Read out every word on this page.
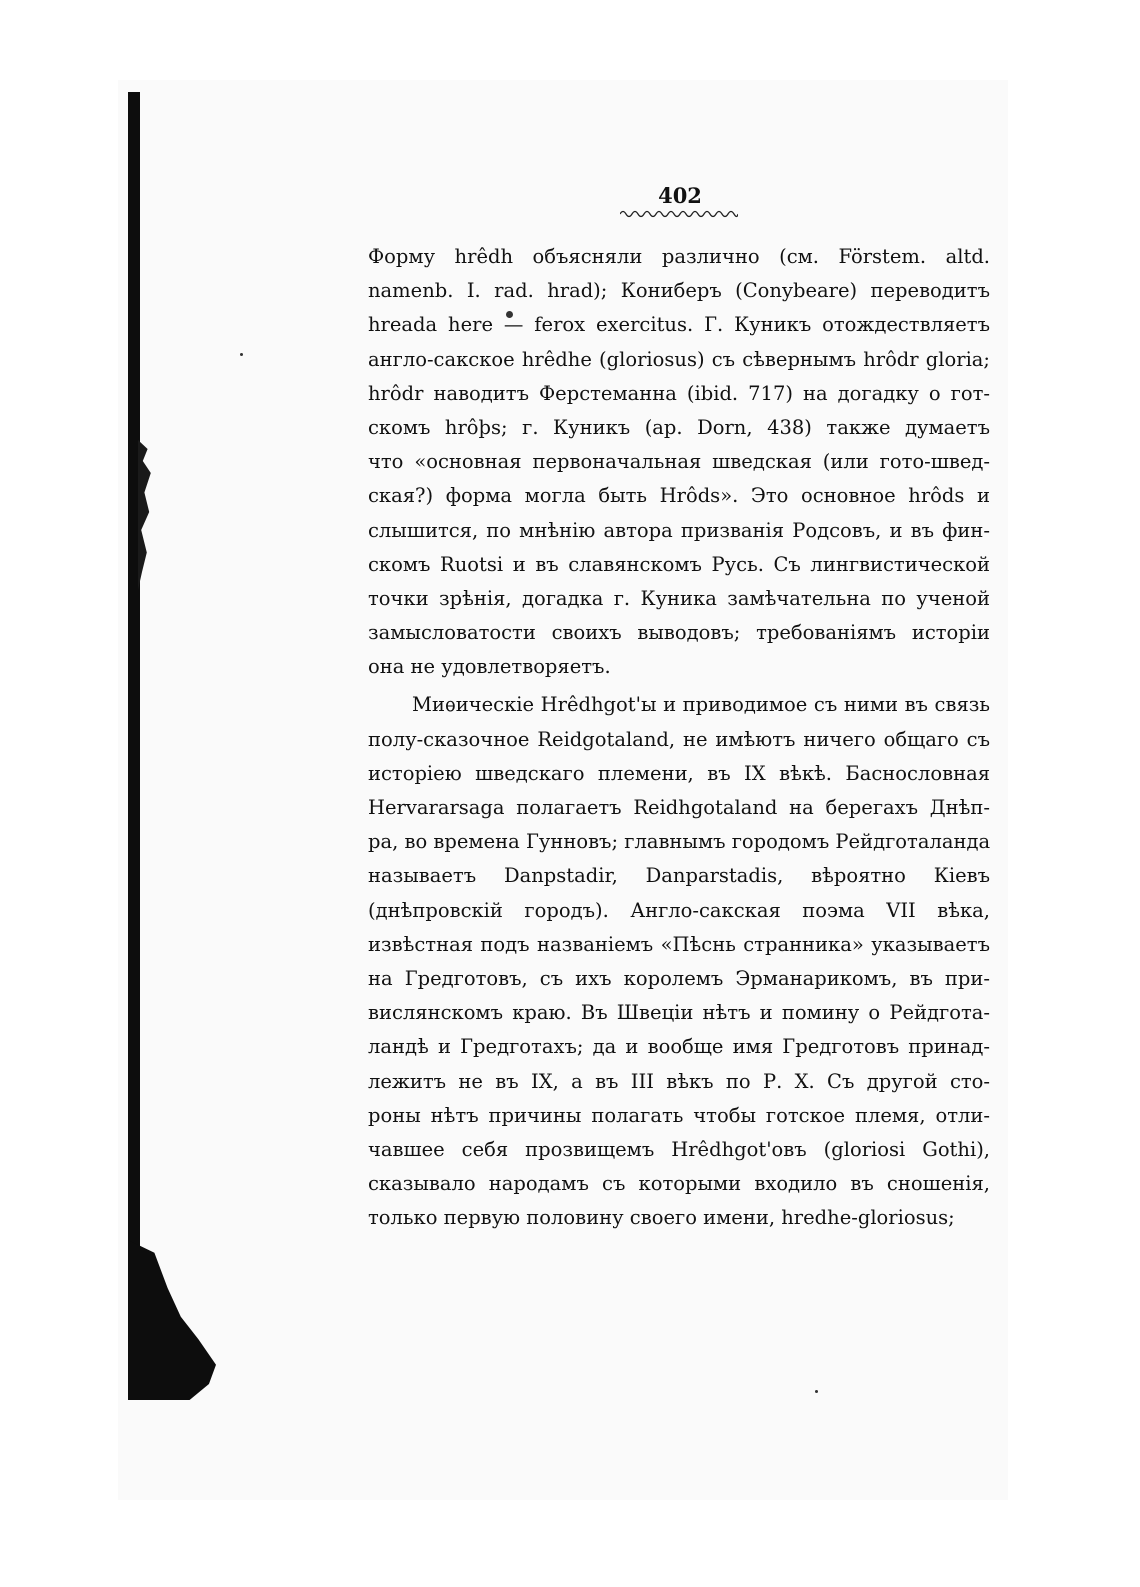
402
Форму hrêdh объясняли различно (см. Förstem. altd.
namenb. I. rad. hrad); Кониберъ (Conybeare) переводитъ
hreada here — ferox exercitus. Г. Куникъ отождествляетъ
англо-сакское hrêdhe (gloriosus) съ сѣвернымъ hrôdr gloria;
hrôdr наводитъ Ферстеманна (ibid. 717) на догадку о гот-
скомъ hrôþs; г. Куникъ (ap. Dorn, 438) также думаетъ
что «основная первоначальная шведская (или гото-швед-
ская?) форма могла быть Hrôds». Это основное hrôds и
слышится, по мнѣнію автора призванія Родсовъ, и въ фин-
скомъ Ruotsi и въ славянскомъ Русь. Съ лингвистической
точки зрѣнія, догадка г. Куника замѣчательна по ученой
замысловатости своихъ выводовъ; требованіямъ исторіи
она не удовлетворяетъ.
Миѳическіе Hrêdhgot'ы и приводимое съ ними въ связь
полу-сказочное Reidgotaland, не имѣютъ ничего общаго съ
исторіею шведскаго племени, въ IX вѣкѣ. Баснословная
Hervararsaga полагаетъ Reidhgotaland на берегахъ Днѣп-
ра, во времена Гунновъ; главнымъ городомъ Рейдготаланда
называетъ Danpstadir, Danparstadis, вѣроятно Кіевъ
(днѣпровскій городъ). Англо-сакская поэма VII вѣка,
извѣстная подъ названіемъ «Пѣснь странника» указываетъ
на Гредготовъ, съ ихъ королемъ Эрманарикомъ, въ при-
вислянскомъ краю. Въ Швеціи нѣтъ и помину о Рейдгота-
ландѣ и Гредготахъ; да и вообще имя Гредготовъ принад-
лежитъ не въ IX, а въ III вѣкъ по Р. Х. Съ другой сто-
роны нѣтъ причины полагать чтобы готское племя, отли-
чавшее себя прозвищемъ Hrêdhgot'овъ (gloriosi Gothi),
сказывало народамъ съ которыми входило въ сношенія,
только первую половину своего имени, hredhe-gloriosus;
